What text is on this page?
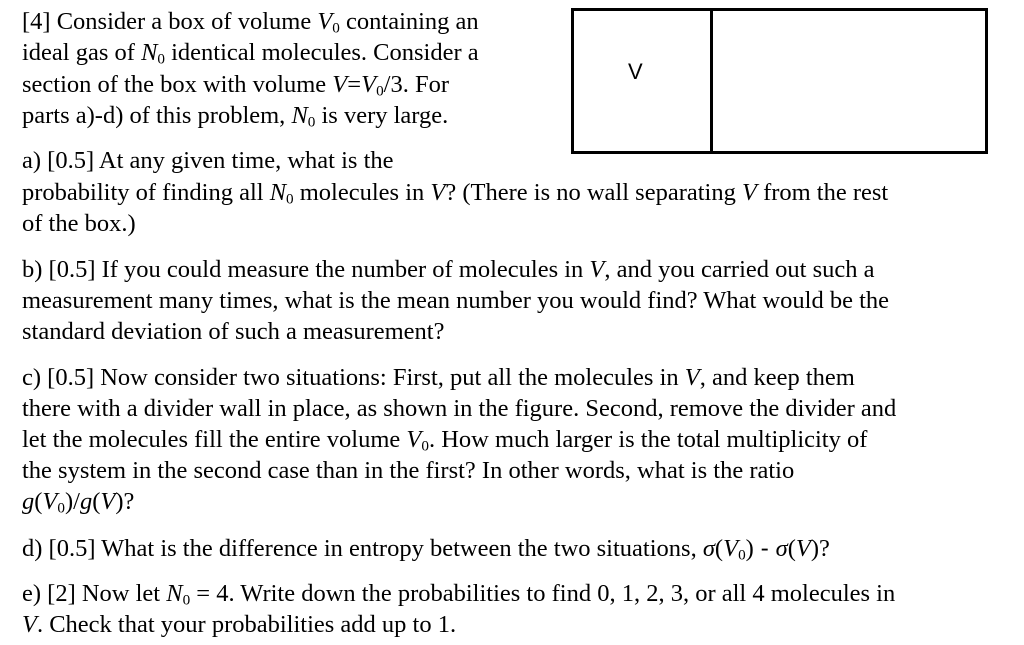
V
[4] Consider a box of volume $V_0$ containing an
ideal gas of $N_0$ identical molecules. Consider a
section of the box with volume $V=V_0/3$. For
parts a)-d) of this problem, $N_0$ is very large.
a) [0.5] At any given time, what is the
probability of finding all $N_0$ molecules in V? (There is no wall separating V from the rest
of the box.)
b) [0.5] If you could measure the number of molecules in V, and you carried out such a
measurement many times, what is the mean number you would find? What would be the
standard deviation of such a measurement?
c) [0.5] Now consider two situations: First, put all the molecules in V, and keep them
there with a divider wall in place, as shown in the figure. Second, remove the divider and
let the molecules fill the entire volume $V_0$. How much larger is the total multiplicity of
the system in the second case than in the first? In other words, what is the ratio
$g(V_0)/g(V)$?
d) [0.5] What is the difference in entropy between the two situations, $\sigma(V_0) - \sigma(V)$?
e) [2] Now let $N_0 = 4$. Write down the probabilities to find 0, 1, 2, 3, or all 4 molecules in
V. Check that your probabilities add up to 1.
